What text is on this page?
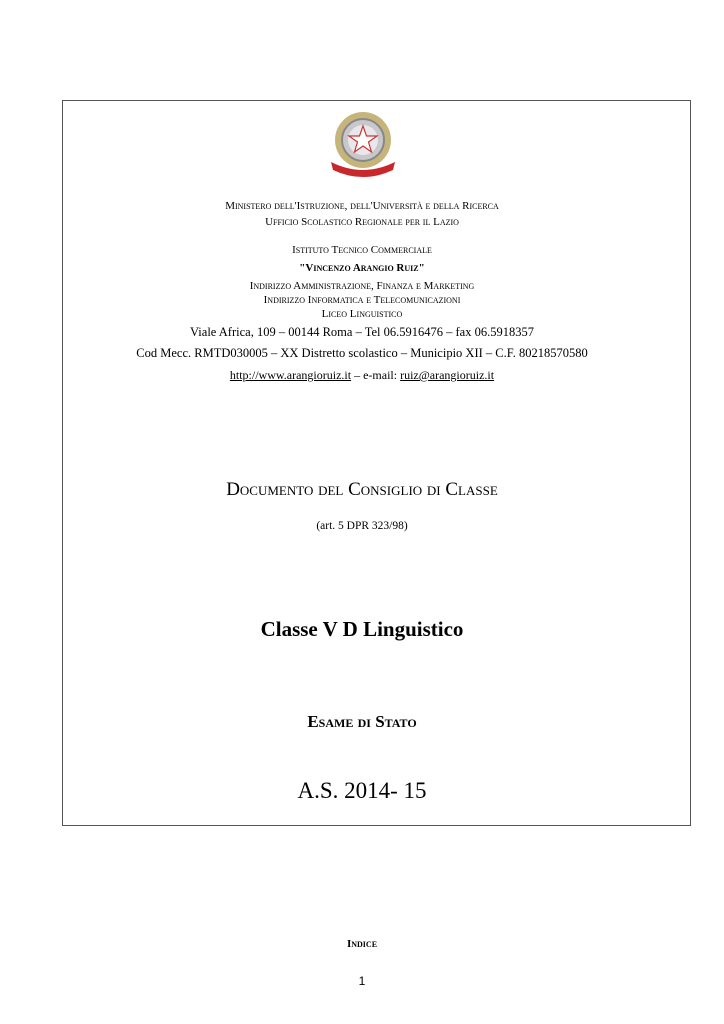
Ministero dell'Istruzione, dell'Università e della Ricerca
Ufficio Scolastico Regionale per il Lazio
Istituto Tecnico Commerciale
"Vincenzo Arangio Ruiz"
Indirizzo Amministrazione, Finanza e Marketing
Indirizzo Informatica e Telecomunicazioni
Liceo Linguistico
Viale Africa, 109 – 00144 Roma – Tel 06.5916476 – fax 06.5918357
Cod Mecc. RMTD030005 – XX Distretto scolastico – Municipio XII – C.F. 80218570580
http://www.arangioruiz.it – e-mail: ruiz@arangioruiz.it
Documento del Consiglio di Classe
(art. 5 DPR 323/98)
Classe V D Linguistico
Esame di Stato
A.S. 2014- 15
Indice
1
